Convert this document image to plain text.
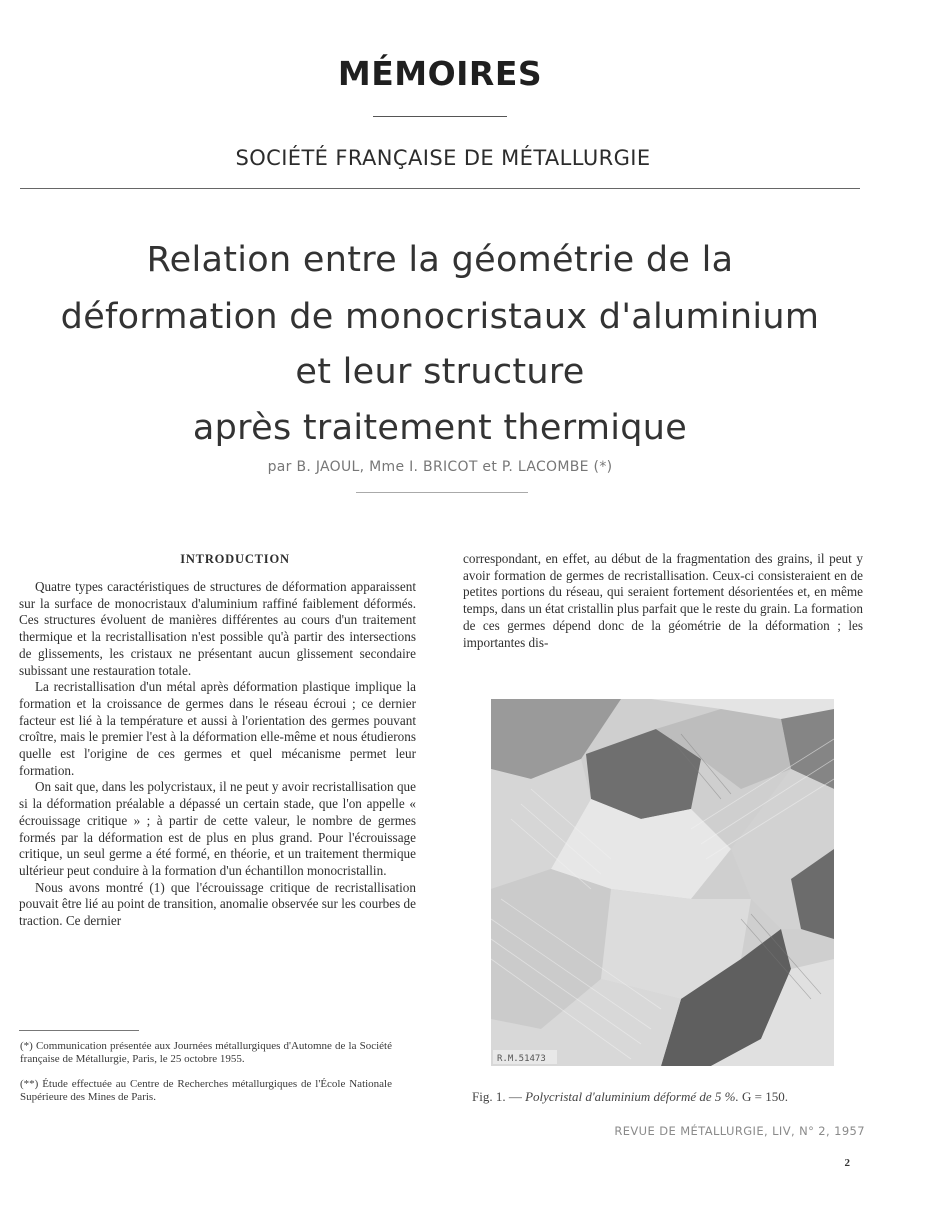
MÉMOIRES
SOCIÉTÉ FRANÇAISE DE MÉTALLURGIE
Relation entre la géométrie de la
déformation de monocristaux d'aluminium
et leur structure
après traitement thermique
par B. JAOUL, Mme I. BRICOT et P. LACOMBE (*)
INTRODUCTION

Quatre types caractéristiques de structures de déformation apparaissent sur la surface de monocristaux d'aluminium raffiné faiblement déformés. Ces structures évoluent de manières différentes au cours d'un traitement thermique et la recristallisation n'est possible qu'à partir des intersections de glissements, les cristaux ne présentant aucun glissement secondaire subissant une restauration totale.

La recristallisation d'un métal après déformation plastique implique la formation et la croissance de germes dans le réseau écroui ; ce dernier facteur est lié à la température et aussi à l'orientation des germes pouvant croître, mais le premier l'est à la déformation elle-même et nous étudierons quelle est l'origine de ces germes et quel mécanisme permet leur formation.

On sait que, dans les polycristaux, il ne peut y avoir recristallisation que si la déformation préalable a dépassé un certain stade, que l'on appelle « écrouissage critique » ; à partir de cette valeur, le nombre de germes formés par la déformation est de plus en plus grand. Pour l'écrouissage critique, un seul germe a été formé, en théorie, et un traitement thermique ultérieur peut conduire à la formation d'un échantillon monocristallin.

Nous avons montré (1) que l'écrouissage critique de recristallisation pouvait être lié au point de transition, anomalie observée sur les courbes de traction. Ce dernier

correspondant, en effet, au début de la fragmentation des grains, il peut y avoir formation de germes de recristallisation. Ceux-ci consisteraient en de petites portions du réseau, qui seraient fortement désorientées et, en même temps, dans un état cristallin plus parfait que le reste du grain. La formation de ces germes dépend donc de la géométrie de la déformation ; les importantes dis-

(*) Communication présentée aux Journées métallurgiques d'Automne de la Société française de Métallurgie, Paris, le 25 octobre 1955.
(**) Étude effectuée au Centre de Recherches métallurgiques de l'École Nationale Supérieure des Mines de Paris.
R.M.51473
Fig. 1. — Polycristal d'aluminium déformé de 5 %. G = 150.
REVUE DE MÉTALLURGIE, LIV, N° 2, 1957
2
